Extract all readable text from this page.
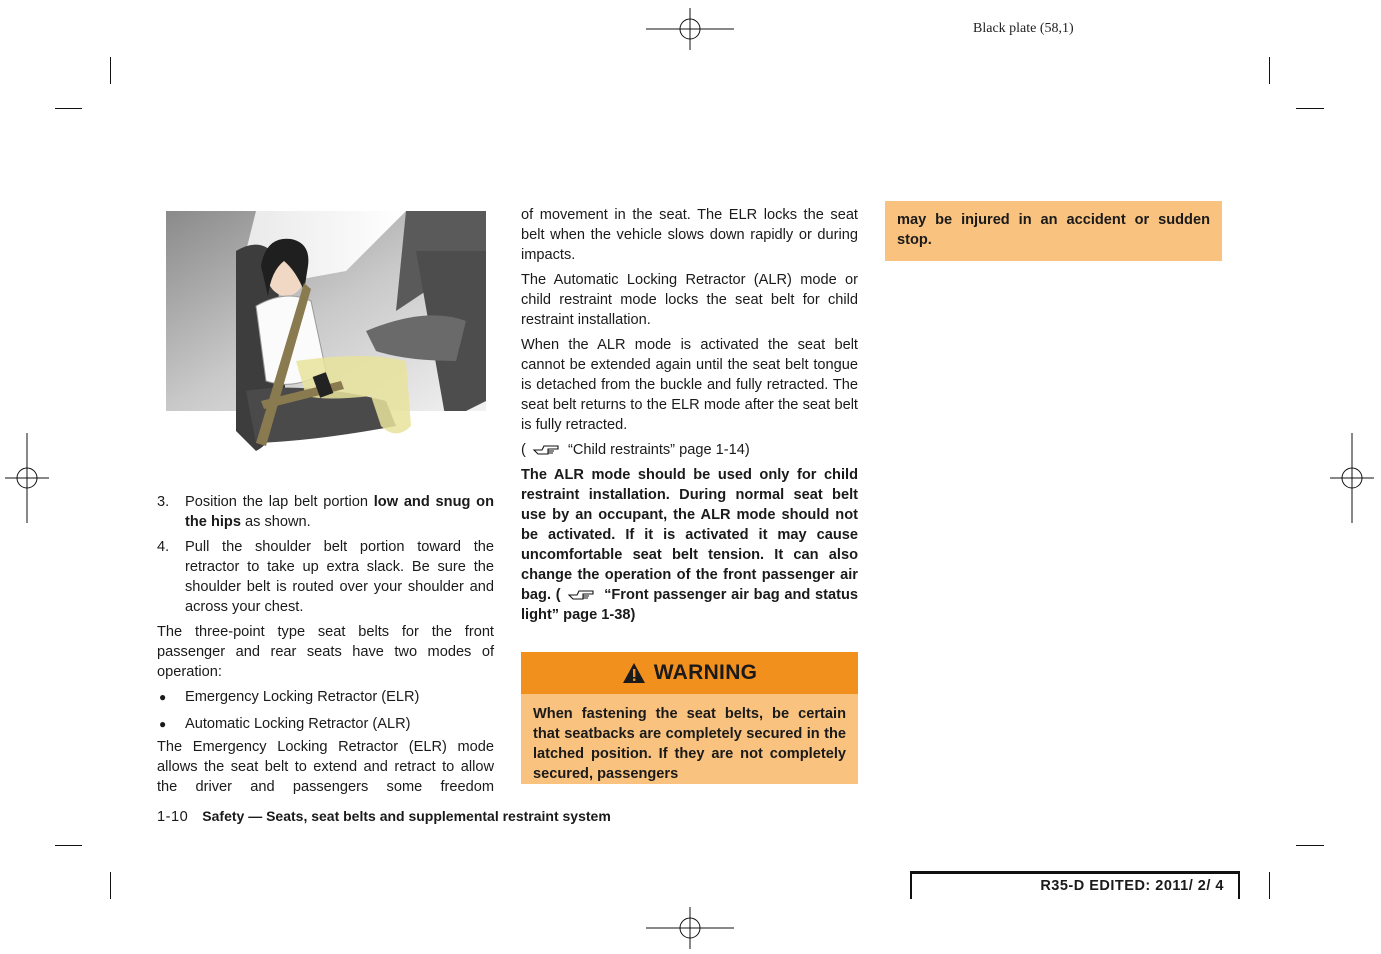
Black plate (58,1)
3. Position the lap belt portion low and snug on the hips as shown.
4. Pull the shoulder belt portion toward the retractor to take up extra slack. Be sure the shoulder belt is routed over your shoulder and across your chest.

The three-point type seat belts for the front passenger and rear seats have two modes of operation:

● Emergency Locking Retractor (ELR)
● Automatic Locking Retractor (ALR)

The Emergency Locking Retractor (ELR) mode allows the seat belt to extend and retract to allow the driver and passengers some freedom

of movement in the seat. The ELR locks the seat belt when the vehicle slows down rapidly or during impacts.

The Automatic Locking Retractor (ALR) mode or child restraint mode locks the seat belt for child restraint installation.

When the ALR mode is activated the seat belt cannot be extended again until the seat belt tongue is detached from the buckle and fully retracted. The seat belt returns to the ELR mode after the seat belt is fully retracted.

(	“Child restraints” page 1-14)
The ALR mode should be used only for child restraint installation. During normal seat belt use by an occupant, the ALR mode should not be activated. If it is activated it may cause uncomfortable seat belt tension. It can also change the operation of the front passenger air bag. (	“Front passenger air bag and status light” page 1-38)
WARNING
When fastening the seat belts, be certain that seatbacks are completely secured in the latched position. If they are not completely secured, passengers
may be injured in an accident or sudden stop.
1-10 Safety — Seats, seat belts and supplemental restraint system
R35-D EDITED: 2011/ 2/ 4
